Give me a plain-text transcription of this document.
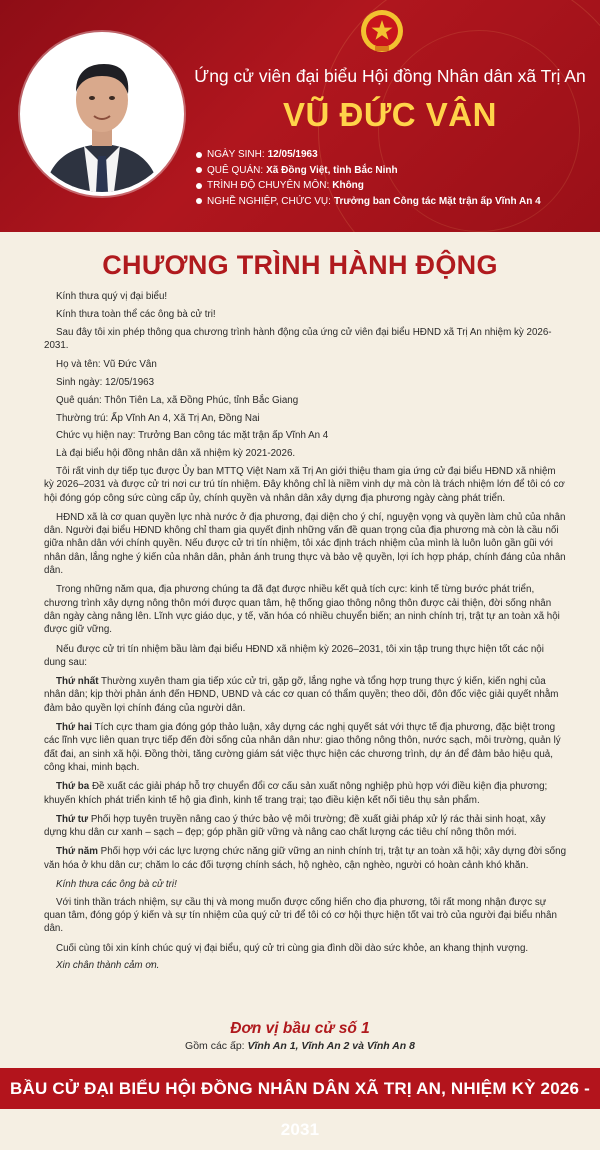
Ứng cử viên đại biểu Hội đồng Nhân dân xã Trị An
VŨ ĐỨC VÂN
NGÀY SINH: 12/05/1963
QUÊ QUÁN: Xã Đồng Việt, tỉnh Bắc Ninh
TRÌNH ĐỘ CHUYÊN MÔN: Không
NGHỀ NGHIỆP, CHỨC VỤ: Trưởng ban Công tác Mặt trận ấp Vĩnh An 4
CHƯƠNG TRÌNH HÀNH ĐỘNG

Kính thưa quý vị đại biểu!

Kính thưa toàn thể các ông bà cử tri!

Sau đây tôi xin phép thông qua chương trình hành động của ứng cử viên đại biểu HĐND xã Trị An nhiệm kỳ 2026-2031.

Họ và tên: Vũ Đức Vân

Sinh ngày: 12/05/1963

Quê quán: Thôn Tiên La, xã Đồng Phúc, tỉnh Bắc Giang

Thường trú: Ấp Vĩnh An 4, Xã Trị An, Đồng Nai

Chức vụ hiện nay: Trưởng Ban công tác mặt trận ấp Vĩnh An 4

Là đại biểu hội đồng nhân dân xã nhiệm kỳ 2021-2026.

Tôi rất vinh dự tiếp tục được Ủy ban MTTQ Việt Nam xã Trị An giới thiệu tham gia ứng cử đại biểu HĐND xã nhiệm kỳ 2026–2031 và được cử tri nơi cư trú tín nhiệm. Đây không chỉ là niềm vinh dự mà còn là trách nhiệm lớn để tôi có cơ hội đóng góp công sức cùng cấp ủy, chính quyền và nhân dân xây dựng địa phương ngày càng phát triển.

HĐND xã là cơ quan quyền lực nhà nước ở địa phương, đại diện cho ý chí, nguyện vọng và quyền làm chủ của nhân dân. Người đại biểu HĐND không chỉ tham gia quyết định những vấn đề quan trọng của địa phương mà còn là cầu nối giữa nhân dân với chính quyền. Nếu được cử tri tín nhiệm, tôi xác định trách nhiệm của mình là luôn luôn gần gũi với nhân dân, lắng nghe ý kiến của nhân dân, phản ánh trung thực và bảo vệ quyền, lợi ích hợp pháp, chính đáng của nhân dân.

Trong những năm qua, địa phương chúng ta đã đạt được nhiều kết quả tích cực: kinh tế từng bước phát triển, chương trình xây dựng nông thôn mới được quan tâm, hệ thống giao thông nông thôn được cải thiện, đời sống nhân dân ngày càng nâng lên. Lĩnh vực giáo dục, y tế, văn hóa có nhiều chuyển biến; an ninh chính trị, trật tự an toàn xã hội được giữ vững.

Nếu được cử tri tín nhiệm bầu làm đại biểu HĐND xã nhiệm kỳ 2026–2031, tôi xin tập trung thực hiện tốt các nội dung sau:

Thứ nhất Thường xuyên tham gia tiếp xúc cử tri, gặp gỡ, lắng nghe và tổng hợp trung thực ý kiến, kiến nghị của nhân dân; kịp thời phản ánh đến HĐND, UBND và các cơ quan có thẩm quyền; theo dõi, đôn đốc việc giải quyết nhằm đảm bảo quyền lợi chính đáng của người dân.

Thứ hai Tích cực tham gia đóng góp thảo luận, xây dựng các nghị quyết sát với thực tế địa phương, đặc biệt trong các lĩnh vực liên quan trực tiếp đến đời sống của nhân dân như: giao thông nông thôn, nước sạch, môi trường, quản lý đất đai, an sinh xã hội. Đồng thời, tăng cường giám sát việc thực hiện các chương trình, dự án để đảm bảo hiệu quả, công khai, minh bạch.

Thứ ba Đề xuất các giải pháp hỗ trợ chuyển đổi cơ cấu sản xuất nông nghiệp phù hợp với điều kiện địa phương; khuyến khích phát triển kinh tế hộ gia đình, kinh tế trang trại; tạo điều kiện kết nối tiêu thụ sản phẩm.

Thứ tư Phối hợp tuyên truyền nâng cao ý thức bảo vệ môi trường; đề xuất giải pháp xử lý rác thải sinh hoạt, xây dựng khu dân cư xanh – sạch – đẹp; góp phần giữ vững và nâng cao chất lượng các tiêu chí nông thôn mới.

Thứ năm Phối hợp với các lực lượng chức năng giữ vững an ninh chính trị, trật tự an toàn xã hội; xây dựng đời sống văn hóa ở khu dân cư; chăm lo các đối tượng chính sách, hộ nghèo, cận nghèo, người có hoàn cảnh khó khăn.

Kính thưa các ông bà cử tri!

Với tinh thần trách nhiệm, sự cầu thị và mong muốn được cống hiến cho địa phương, tôi rất mong nhận được sự quan tâm, đóng góp ý kiến và sự tín nhiệm của quý cử tri để tôi có cơ hội thực hiện tốt vai trò của người đại biểu nhân dân.

Cuối cùng tôi xin kính chúc quý vị đại biểu, quý cử tri cùng gia đình dồi dào sức khỏe, an khang thịnh vượng.

Xin chân thành cảm ơn.

Đơn vị bầu cử số 1
Gồm các ấp: Vĩnh An 1, Vĩnh An 2 và Vĩnh An 8
BẦU CỬ ĐẠI BIỂU HỘI ĐỒNG NHÂN DÂN XÃ TRỊ AN, NHIỆM KỲ 2026 - 2031
